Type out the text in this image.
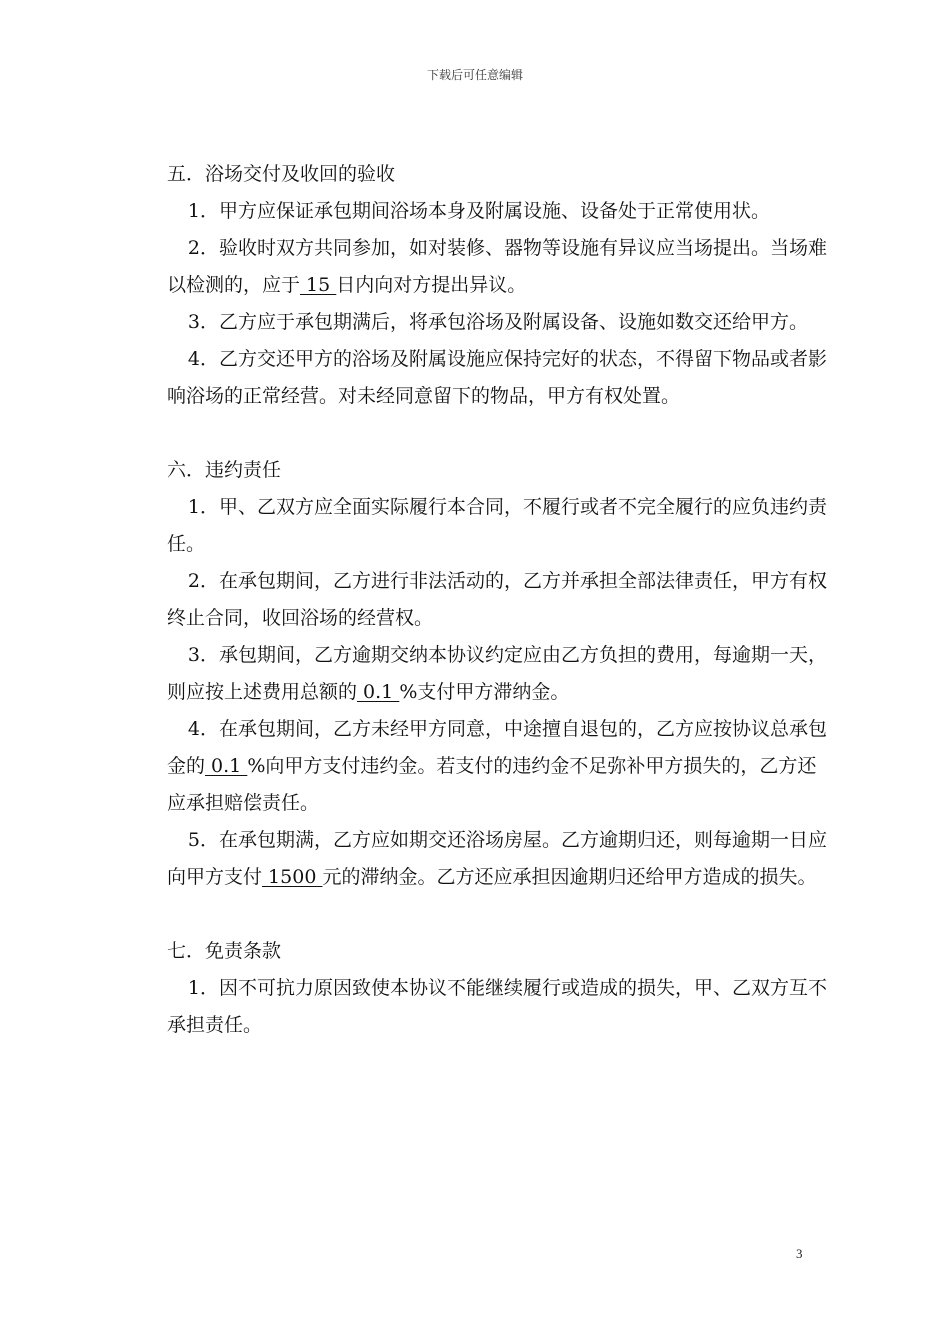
下载后可任意编辑

五．浴场交付及收回的验收

1．甲方应保证承包期间浴场本身及附属设施、设备处于正常使用状。

2．验收时双方共同参加，如对装修、器物等设施有异议应当场提出。当场难以检测的，应于 15 日内向对方提出异议。

3．乙方应于承包期满后，将承包浴场及附属设备、设施如数交还给甲方。

4．乙方交还甲方的浴场及附属设施应保持完好的状态，不得留下物品或者影响浴场的正常经营。对未经同意留下的物品，甲方有权处置。

六．违约责任

1．甲、乙双方应全面实际履行本合同，不履行或者不完全履行的应负违约责任。

2．在承包期间，乙方进行非法活动的，乙方并承担全部法律责任，甲方有权终止合同，收回浴场的经营权。

3．承包期间，乙方逾期交纳本协议约定应由乙方负担的费用，每逾期一天，则应按上述费用总额的 0.1 %支付甲方滞纳金。

4．在承包期间，乙方未经甲方同意，中途擅自退包的，乙方应按协议总承包金的 0.1 %向甲方支付违约金。若支付的违约金不足弥补甲方损失的，乙方还应承担赔偿责任。

5．在承包期满，乙方应如期交还浴场房屋。乙方逾期归还，则每逾期一日应向甲方支付 1500 元的滞纳金。乙方还应承担因逾期归还给甲方造成的损失。

七．免责条款

1．因不可抗力原因致使本协议不能继续履行或造成的损失，甲、乙双方互不承担责任。

3
